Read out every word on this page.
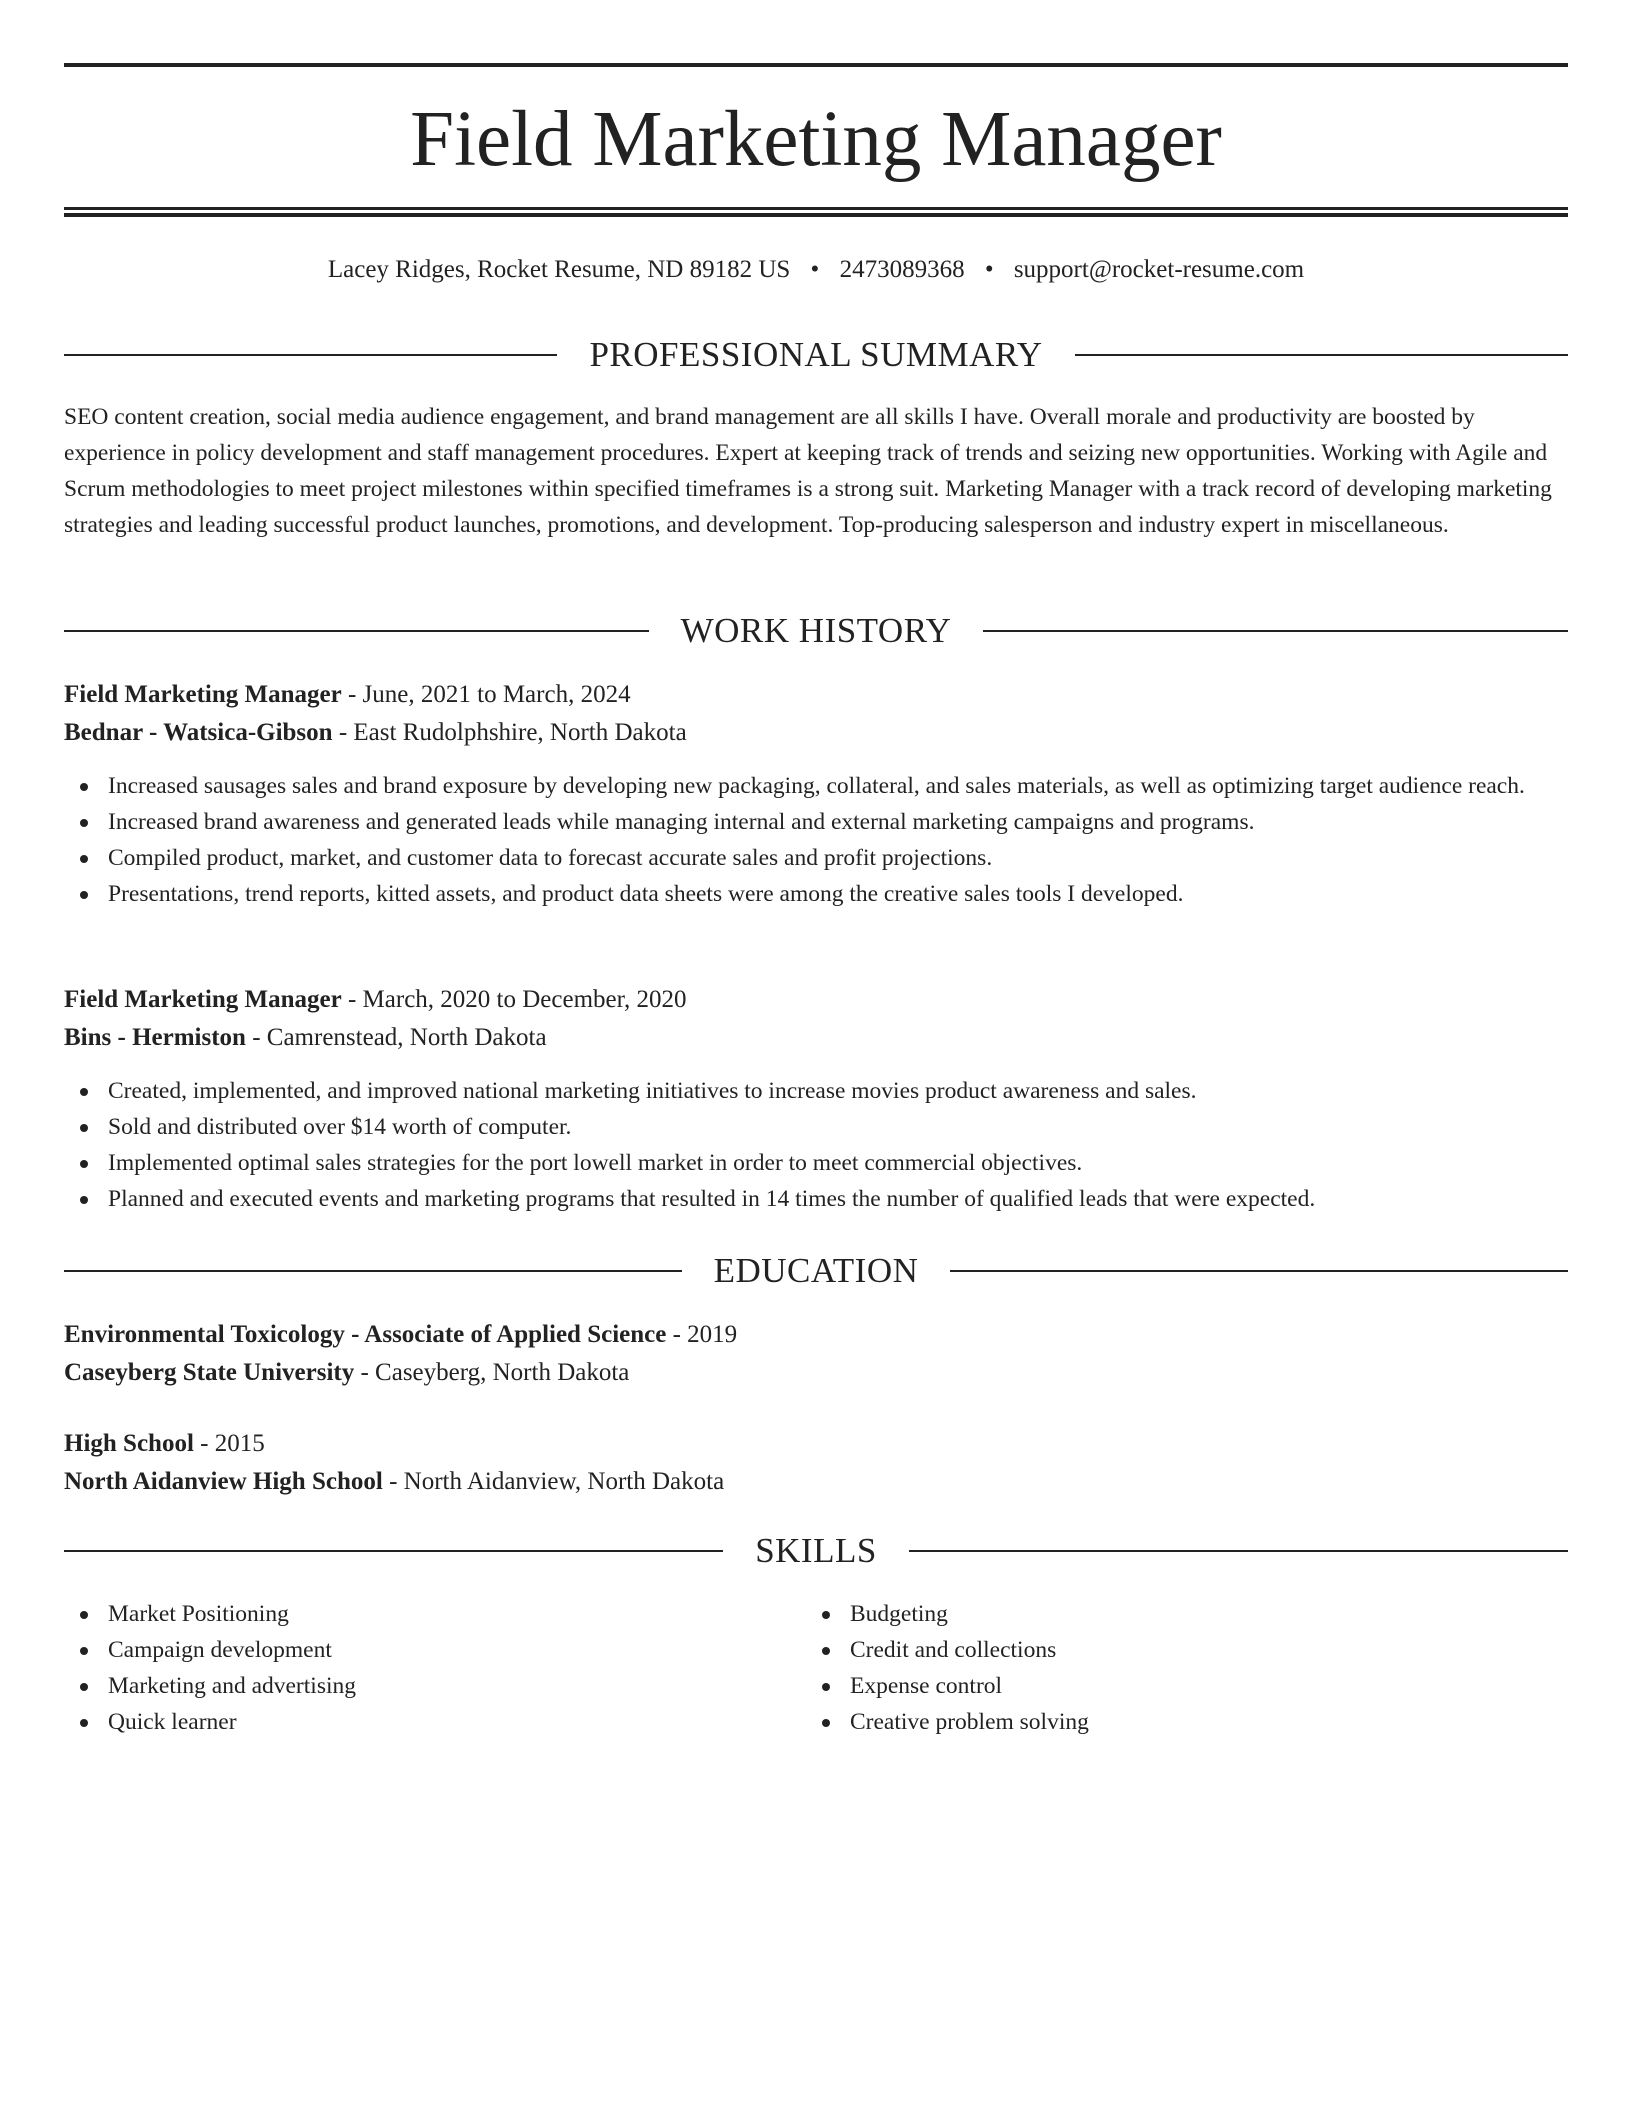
Field Marketing Manager
Lacey Ridges, Rocket Resume, ND 89182 US • 2473089368 • support@rocket-resume.com
PROFESSIONAL SUMMARY

SEO content creation, social media audience engagement, and brand management are all skills I have. Overall morale and productivity are boosted by experience in policy development and staff management procedures. Expert at keeping track of trends and seizing new opportunities. Working with Agile and Scrum methodologies to meet project milestones within specified timeframes is a strong suit. Marketing Manager with a track record of developing marketing strategies and leading successful product launches, promotions, and development. Top-producing salesperson and industry expert in miscellaneous.

WORK HISTORY
Field Marketing Manager - June, 2021 to March, 2024
Bednar - Watsica-Gibson - East Rudolphshire, North Dakota
Increased sausages sales and brand exposure by developing new packaging, collateral, and sales materials, as well as optimizing target audience reach.
Increased brand awareness and generated leads while managing internal and external marketing campaigns and programs.
Compiled product, market, and customer data to forecast accurate sales and profit projections.
Presentations, trend reports, kitted assets, and product data sheets were among the creative sales tools I developed.
Field Marketing Manager - March, 2020 to December, 2020
Bins - Hermiston - Camrenstead, North Dakota
Created, implemented, and improved national marketing initiatives to increase movies product awareness and sales.
Sold and distributed over $14 worth of computer.
Implemented optimal sales strategies for the port lowell market in order to meet commercial objectives.
Planned and executed events and marketing programs that resulted in 14 times the number of qualified leads that were expected.
EDUCATION
Environmental Toxicology - Associate of Applied Science - 2019
Caseyberg State University - Caseyberg, North Dakota
High School - 2015
North Aidanview High School - North Aidanview, North Dakota
SKILLS
Market Positioning
Campaign development
Marketing and advertising
Quick learner
Budgeting
Credit and collections
Expense control
Creative problem solving
